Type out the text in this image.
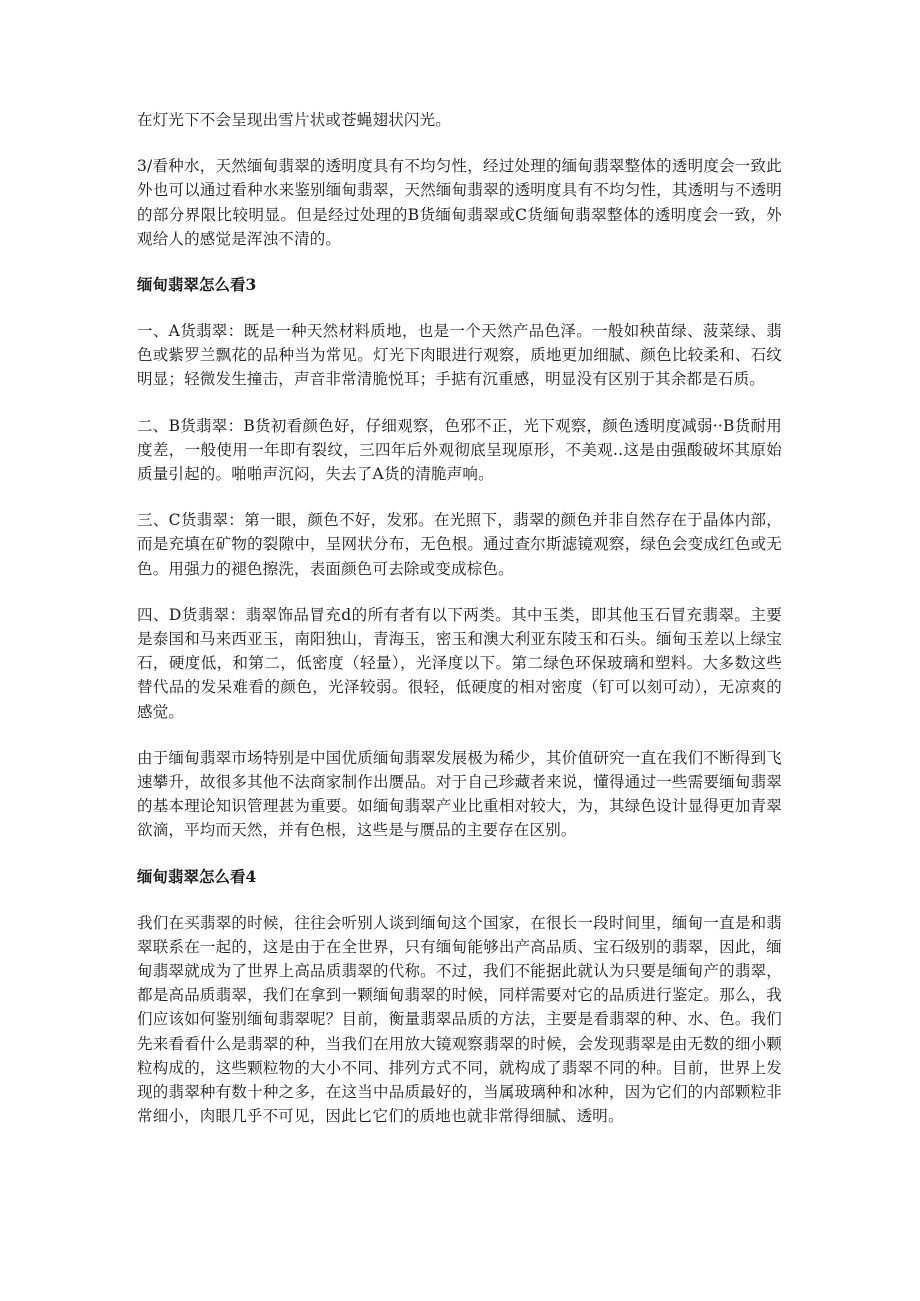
在灯光下不会呈现出雪片状或苍蝇翅状闪光。

3/看种水，天然缅甸翡翠的透明度具有不均匀性，经过处理的缅甸翡翠整体的透明度会一致此外也可以通过看种水来鉴别缅甸翡翠，天然缅甸翡翠的透明度具有不均匀性，其透明与不透明的部分界限比较明显。但是经过处理的B货缅甸翡翠或C货缅甸翡翠整体的透明度会一致，外观给人的感觉是浑浊不清的。

缅甸翡翠怎么看3

一、A货翡翠：既是一种天然材料质地，也是一个天然产品色泽。一般如秧苗绿、菠菜绿、翡色或紫罗兰飘花的品种当为常见。灯光下肉眼进行观察，质地更加细腻、颜色比较柔和、石纹明显；轻微发生撞击，声音非常清脆悦耳；手掂有沉重感，明显没有区别于其余都是石质。

二、B货翡翠：B货初看颜色好，仔细观察，色邪不正，光下观察，颜色透明度减弱··B货耐用度差，一般使用一年即有裂纹，三四年后外观彻底呈现原形，不美观..这是由强酸破坏其原始质量引起的。啪啪声沉闷，失去了A货的清脆声响。

三、C货翡翠：第一眼，颜色不好，发邪。在光照下，翡翠的颜色并非自然存在于晶体内部，而是充填在矿物的裂隙中，呈网状分布，无色根。通过查尔斯滤镜观察，绿色会变成红色或无色。用强力的褪色擦洗，表面颜色可去除或变成棕色。

四、D货翡翠：翡翠饰品冒充d的所有者有以下两类。其中玉类，即其他玉石冒充翡翠。主要是泰国和马来西亚玉，南阳独山，青海玉，密玉和澳大利亚东陵玉和石头。缅甸玉差以上绿宝石，硬度低，和第二，低密度（轻量），光泽度以下。第二绿色环保玻璃和塑料。大多数这些替代品的发呆难看的颜色，光泽较弱。很轻，低硬度的相对密度（钉可以刻可动），无凉爽的感觉。

由于缅甸翡翠市场特别是中国优质缅甸翡翠发展极为稀少，其价值研究一直在我们不断得到飞速攀升，故很多其他不法商家制作出赝品。对于自己珍藏者来说，懂得通过一些需要缅甸翡翠的基本理论知识管理甚为重要。如缅甸翡翠产业比重相对较大，为，其绿色设计显得更加青翠欲滴，平均而天然，并有色根，这些是与赝品的主要存在区别。

缅甸翡翠怎么看4

我们在买翡翠的时候，往往会听别人谈到缅甸这个国家，在很长一段时间里，缅甸一直是和翡翠联系在一起的，这是由于在全世界，只有缅甸能够出产高品质、宝石级别的翡翠，因此，缅甸翡翠就成为了世界上高品质翡翠的代称。不过，我们不能据此就认为只要是缅甸产的翡翠，都是高品质翡翠，我们在拿到一颗缅甸翡翠的时候，同样需要对它的品质进行鉴定。那么，我们应该如何鉴别缅甸翡翠呢？目前，衡量翡翠品质的方法，主要是看翡翠的种、水、色。我们先来看看什么是翡翠的种，当我们在用放大镜观察翡翠的时候，会发现翡翠是由无数的细小颗粒构成的，这些颗粒物的大小不同、排列方式不同，就构成了翡翠不同的种。目前，世界上发现的翡翠种有数十种之多，在这当中品质最好的，当属玻璃种和冰种，因为它们的内部颗粒非常细小，肉眼几乎不可见，因此匕它们的质地也就非常得细腻、透明。
